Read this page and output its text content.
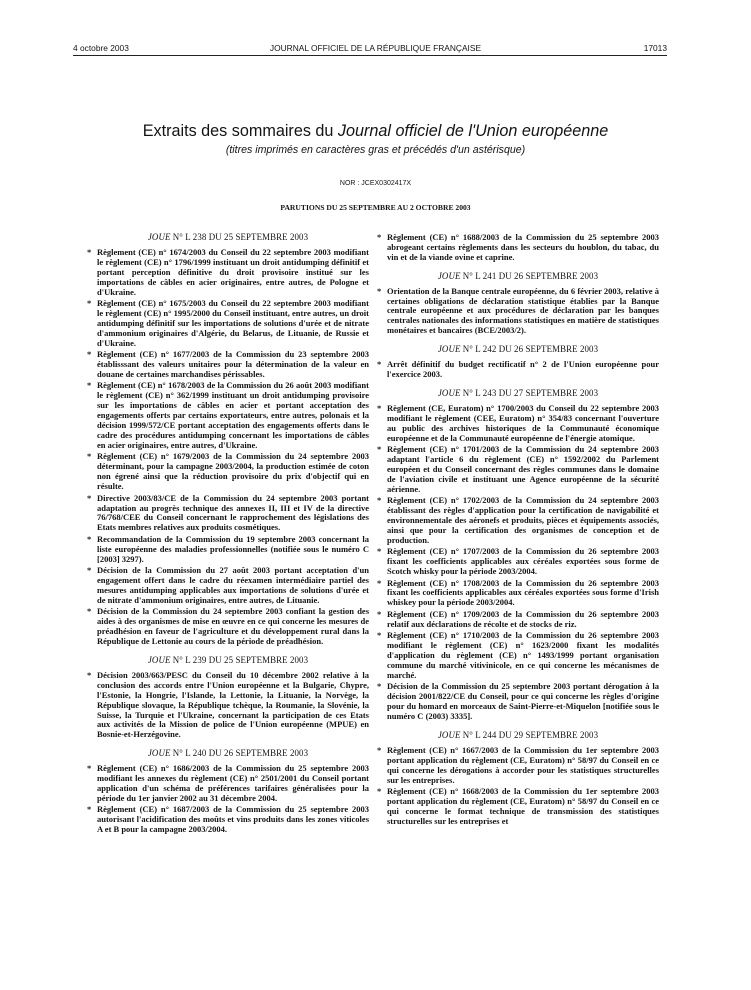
4 octobre 2003	JOURNAL OFFICIEL DE LA RÉPUBLIQUE FRANÇAISE	17013
Extraits des sommaires du Journal officiel de l'Union européenne
(titres imprimés en caractères gras et précédés d'un astérisque)
NOR : JCEX0302417X
PARUTIONS DU 25 SEPTEMBRE AU 2 OCTOBRE 2003
JOUE N° L 238 DU 25 SEPTEMBRE 2003
* Règlement (CE) n° 1674/2003 du Conseil du 22 septembre 2003 modifiant le règlement (CE) n° 1796/1999 instituant un droit antidumping définitif et portant perception définitive du droit provisoire institué sur les importations de câbles en acier originaires, entre autres, de Pologne et d'Ukraine.
* Règlement (CE) n° 1675/2003 du Conseil du 22 septembre 2003 modifiant le règlement (CE) n° 1995/2000 du Conseil instituant, entre autres, un droit antidumping définitif sur les importations de solutions d'urée et de nitrate d'ammonium originaires d'Algérie, du Belarus, de Lituanie, de Russie et d'Ukraine.
* Règlement (CE) n° 1677/2003 de la Commission du 23 septembre 2003 établisssant des valeurs unitaires pour la détermination de la valeur en douane de certaines marchandises périssables.
* Règlement (CE) n° 1678/2003 de la Commission du 26 août 2003 modifiant le règlement (CE) n° 362/1999 instituant un droit antidumping provisoire sur les importations de câbles en acier et portant acceptation des engagements offerts par certains exportateurs, entre autres, polonais et la décision 1999/572/CE portant acceptation des engagements offerts dans le cadre des procédures antidumping concernant les importations de câbles en acier originaires, entre autres, d'Ukraine.
* Règlement (CE) n° 1679/2003 de la Commission du 24 septembre 2003 déterminant, pour la campagne 2003/2004, la production estimée de coton non égrené ainsi que la réduction provisoire du prix d'objectif qui en résulte.
* Directive 2003/83/CE de la Commission du 24 septembre 2003 portant adaptation au progrès technique des annexes II, III et IV de la directive 76/768/CEE du Conseil concernant le rapprochement des législations des Etats membres relatives aux produits cosmétiques.
* Recommandation de la Commission du 19 septembre 2003 concernant la liste européenne des maladies professionnelles (notifiée sous le numéro C [2003] 3297).
* Décision de la Commission du 27 août 2003 portant acceptation d'un engagement offert dans le cadre du réexamen intermédiaire partiel des mesures antidumping applicables aux importations de solutions d'urée et de nitrate d'ammonium originaires, entre autres, de Lituanie.
* Décision de la Commission du 24 septembre 2003 confiant la gestion des aides à des organismes de mise en œuvre en ce qui concerne les mesures de préadhésion en faveur de l'agriculture et du développement rural dans la République de Lettonie au cours de la période de préadhésion.
JOUE N° L 239 DU 25 SEPTEMBRE 2003
* Décision 2003/663/PESC du Conseil du 10 décembre 2002 relative à la conclusion des accords entre l'Union européenne et la Bulgarie, Chypre, l'Estonie, la Hongrie, l'Islande, la Lettonie, la Lituanie, la Norvège, la République slovaque, la République tchèque, la Roumanie, la Slovénie, la Suisse, la Turquie et l'Ukraine, concernant la participation de ces Etats aux activités de la Mission de police de l'Union européenne (MPUE) en Bosnie-et-Herzégovine.
JOUE N° L 240 DU 26 SEPTEMBRE 2003
* Règlement (CE) n° 1686/2003 de la Commission du 25 septembre 2003 modifiant les annexes du règlement (CE) n° 2501/2001 du Conseil portant application d'un schéma de préférences tarifaires généralisées pour la période du 1er janvier 2002 au 31 décembre 2004.
* Règlement (CE) n° 1687/2003 de la Commission du 25 septembre 2003 autorisant l'acidification des moûts et vins produits dans les zones viticoles A et B pour la campagne 2003/2004.
* Règlement (CE) n° 1688/2003 de la Commission du 25 septembre 2003 abrogeant certains règlements dans les secteurs du houblon, du tabac, du vin et de la viande ovine et caprine.
JOUE N° L 241 DU 26 SEPTEMBRE 2003
* Orientation de la Banque centrale européenne, du 6 février 2003, relative à certaines obligations de déclaration statistique établies par la Banque centrale européenne et aux procédures de déclaration par les banques centrales nationales des informations statistiques en matière de statistiques monétaires et bancaires (BCE/2003/2).
JOUE N° L 242 DU 26 SEPTEMBRE 2003
* Arrêt définitif du budget rectificatif n° 2 de l'Union européenne pour l'exercice 2003.
JOUE N° L 243 DU 27 SEPTEMBRE 2003
* Règlement (CE, Euratom) n° 1700/2003 du Conseil du 22 septembre 2003 modifiant le règlement (CEE, Euratom) n° 354/83 concernant l'ouverture au public des archives historiques de la Communauté économique européenne et de la Communauté européenne de l'énergie atomique.
* Règlement (CE) n° 1701/2003 de la Commission du 24 septembre 2003 adaptant l'article 6 du règlement (CE) n° 1592/2002 du Parlement européen et du Conseil concernant des règles communes dans le domaine de l'aviation civile et instituant une Agence européenne de la sécurité aérienne.
* Règlement (CE) n° 1702/2003 de la Commission du 24 septembre 2003 établissant des règles d'application pour la certification de navigabilité et environnementale des aéronefs et produits, pièces et équipements associés, ainsi que pour la certification des organismes de conception et de production.
* Règlement (CE) n° 1707/2003 de la Commission du 26 septembre 2003 fixant les coefficients applicables aux céréales exportées sous forme de Scotch whisky pour la période 2003/2004.
* Règlement (CE) n° 1708/2003 de la Commission du 26 septembre 2003 fixant les coefficients applicables aux céréales exportées sous forme d'Irish whiskey pour la période 2003/2004.
* Règlement (CE) n° 1709/2003 de la Commission du 26 septembre 2003 relatif aux déclarations de récolte et de stocks de riz.
* Règlement (CE) n° 1710/2003 de la Commission du 26 septembre 2003 modifiant le règlement (CE) n° 1623/2000 fixant les modalités d'application du règlement (CE) n° 1493/1999 portant organisation commune du marché vitivinicole, en ce qui concerne les mécanismes de marché.
* Décision de la Commission du 25 septembre 2003 portant dérogation à la décision 2001/822/CE du Conseil, pour ce qui concerne les règles d'origine pour du homard en morceaux de Saint-Pierre-et-Miquelon [notifiée sous le numéro C (2003) 3335].
JOUE N° L 244 DU 29 SEPTEMBRE 2003
* Règlement (CE) n° 1667/2003 de la Commission du 1er septembre 2003 portant application du règlement (CE, Euratom) n° 58/97 du Conseil en ce qui concerne les dérogations à accorder pour les statistiques structurelles sur les entreprises.
* Règlement (CE) n° 1668/2003 de la Commission du 1er septembre 2003 portant application du règlement (CE, Euratom) n° 58/97 du Conseil en ce qui concerne le format technique de transmission des statistiques structurelles sur les entreprises et
